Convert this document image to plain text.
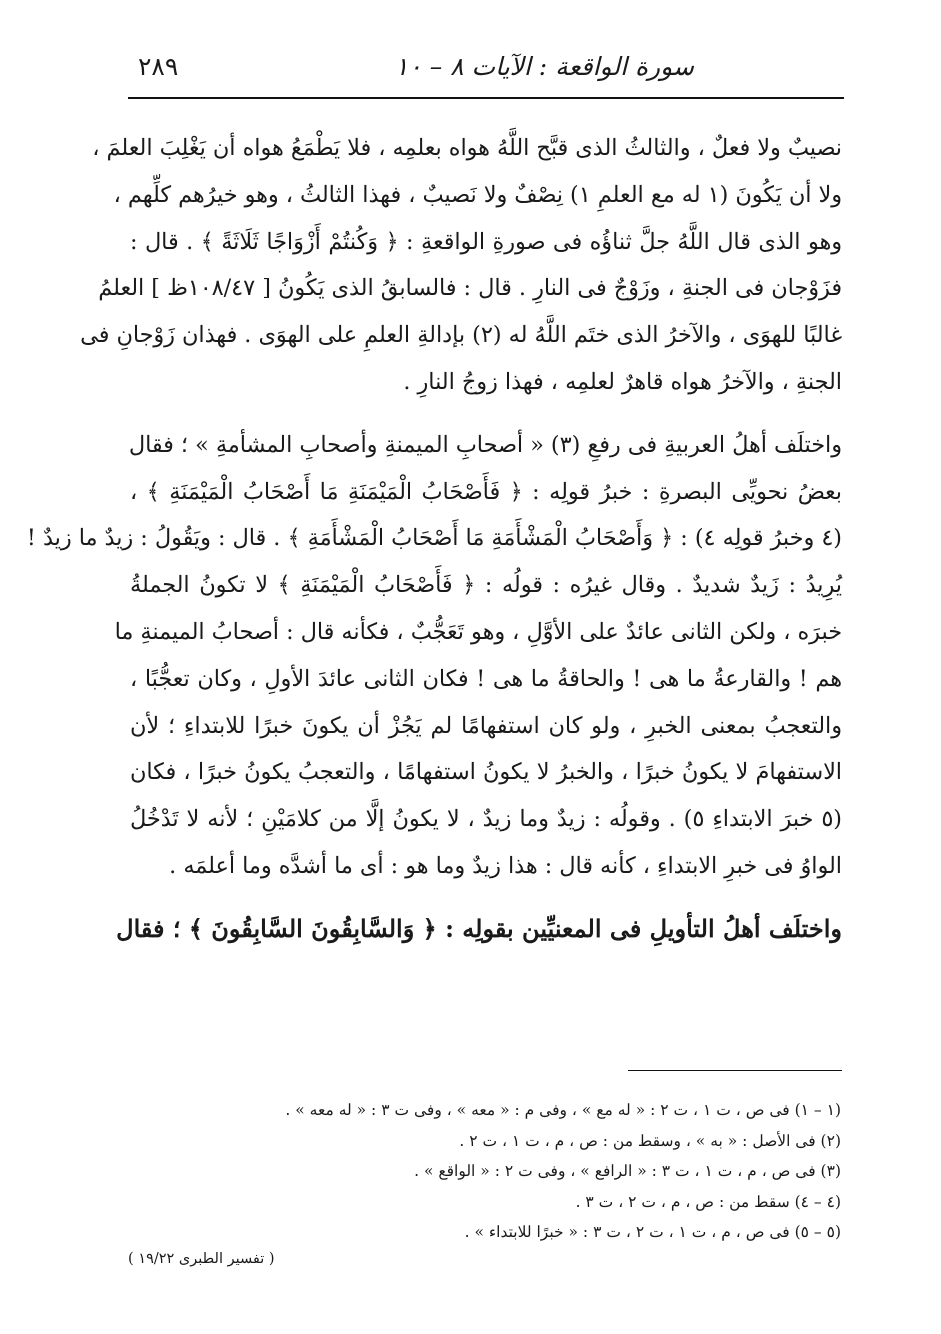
سورة الواقعة : الآيات ٨ – ١٠
٢٨٩
نصيبٌ ولا فعلٌ ، والثالثُ الذى قبَّح اللَّهُ هواه بعلمِه ، فلا يَطْمَعُ هواه أن يَغْلِبَ العلمَ ،
ولا أن يَكُونَ (١ له مع العلمِ ١) نِصْفٌ ولا نَصيبٌ ، فهذا الثالثُ ، وهو خيرُهم كلِّهم ،
وهو الذى قال اللَّهُ جلَّ ثناؤُه فى صورةِ الواقعةِ : ﴿ وَكُنتُمْ أَزْوَاجًا ثَلَاثَةً ﴾ . قال :
فزَوْجان فى الجنةِ ، وزَوْجٌ فى النارِ . قال : فالسابقُ الذى يَكُونُ [ ١٠٨/٤٧ظ ] العلمُ
غالبًا للهوَى ، والآخرُ الذى ختَم اللَّهُ له (٢) بإدالةِ العلمِ على الهوَى . فهذان زَوْجانِ فى
الجنةِ ، والآخرُ هواه قاهرٌ لعلمِه ، فهذا زوجُ النارِ .
واختلَف أهلُ العربيةِ فى رفعِ (٣) « أصحابِ الميمنةِ وأصحابِ المشأمةِ » ؛ فقال
بعضُ نحويِّى البصرةِ : خبرُ قولِه : ﴿ فَأَصْحَابُ الْمَيْمَنَةِ مَا أَصْحَابُ الْمَيْمَنَةِ ﴾ ،
(٤ وخبرُ قولِه ٤) : ﴿ وَأَصْحَابُ الْمَشْأَمَةِ مَا أَصْحَابُ الْمَشْأَمَةِ ﴾ . قال : ويَقُولُ : زيدٌ ما زيدٌ !
يُرِيدُ : زَيدٌ شديدٌ . وقال غيرُه : قولُه : ﴿ فَأَصْحَابُ الْمَيْمَنَةِ ﴾ لا تكونُ الجملةُ
خبرَه ، ولكن الثانى عائدٌ على الأوَّلِ ، وهو تَعَجُّبٌ ، فكأنه قال : أصحابُ الميمنةِ ما
هم ! والقارعةُ ما هى ! والحاقةُ ما هى ! فكان الثانى عائدَ الأولِ ، وكان تعجُّبًا ،
والتعجبُ بمعنى الخبرِ ، ولو كان استفهامًا لم يَجُزْ أن يكونَ خبرًا للابتداءِ ؛ لأن
الاستفهامَ لا يكونُ خبرًا ، والخبرُ لا يكونُ استفهامًا ، والتعجبُ يكونُ خبرًا ، فكان
(٥ خبرَ الابتداءِ ٥) . وقولُه : زيدٌ وما زيدٌ ، لا يكونُ إلَّا من كلامَيْنِ ؛ لأنه لا تَدْخُلُ
الواوُ فى خبرِ الابتداءِ ، كأنه قال : هذا زيدٌ وما هو : أى ما أشدَّه وما أعلمَه .
واختلَف أهلُ التأويلِ فى المعنيِّين بقولِه : ﴿ وَالسَّابِقُونَ السَّابِقُونَ ﴾ ؛ فقال
(١ – ١) فى ص ، ت ١ ، ت ٢ : « له مع » ، وفى م : « معه » ، وفى ت ٣ : « له معه » .
(٢) فى الأصل : « به » ، وسقط من : ص ، م ، ت ١ ، ت ٢ .
(٣) فى ص ، م ، ت ١ ، ت ٣ : « الرافع » ، وفى ت ٢ : « الواقع » .
(٤ – ٤) سقط من : ص ، م ، ت ٢ ، ت ٣ .
(٥ – ٥) فى ص ، م ، ت ١ ، ت ٢ ، ت ٣ : « خبرًا للابتداء » .
( تفسير الطبرى ١٩/٢٢ )
